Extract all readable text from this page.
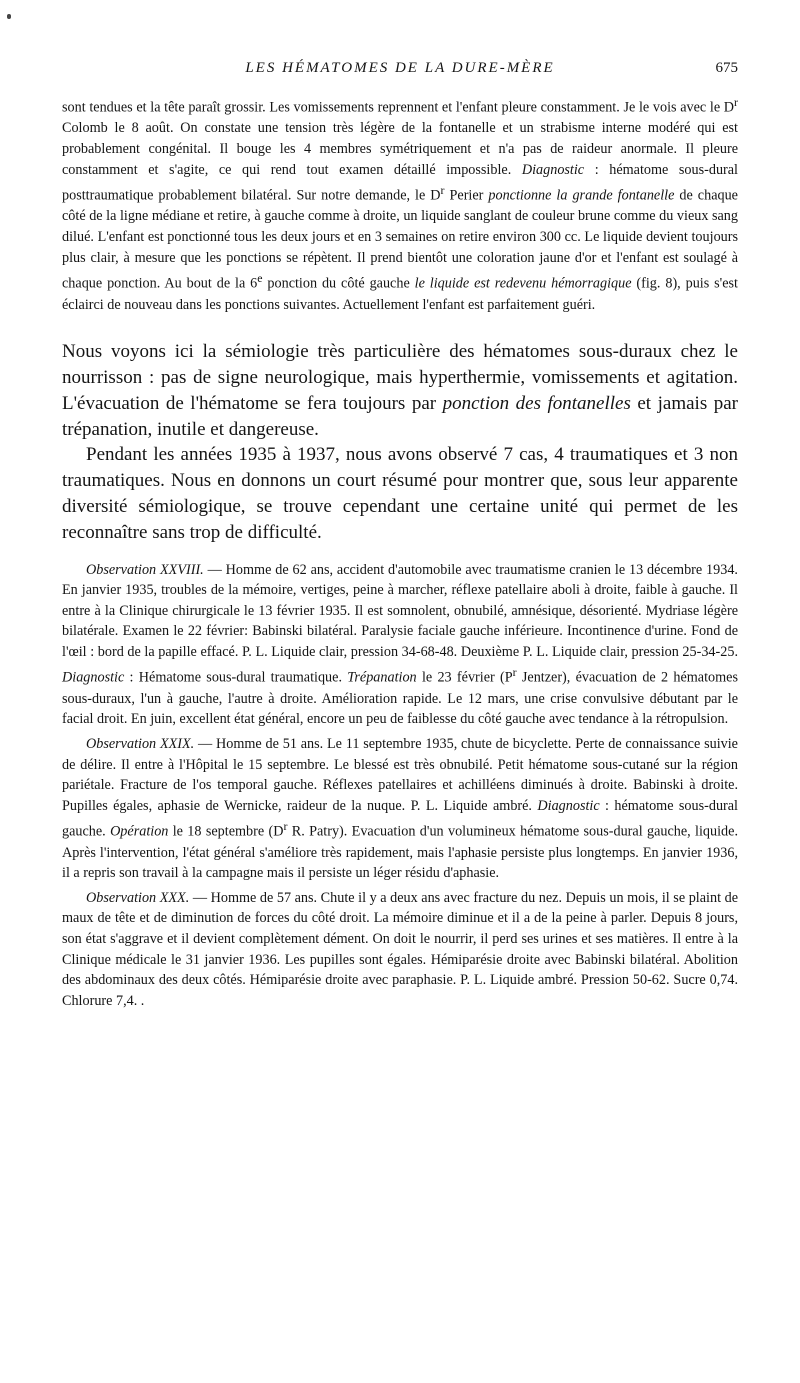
LES HÉMATOMES DE LA DURE-MÈRE	675

sont tendues et la tête paraît grossir. Les vomissements reprennent et l'enfant pleure constamment. Je le vois avec le $D^r$ Colomb le 8 août. On constate une tension très légère de la fontanelle et un strabisme interne modéré qui est probablement congénital. Il bouge les 4 membres symétriquement et n'a pas de raideur anormale. Il pleure constamment et s'agite, ce qui rend tout examen détaillé impossible. Diagnostic : hématome sous-dural posttraumatique probablement bilatéral. Sur notre demande, le $D^r$ Perier ponctionne la grande fontanelle de chaque côté de la ligne médiane et retire, à gauche comme à droite, un liquide sanglant de couleur brune comme du vieux sang dilué. L'enfant est ponctionné tous les deux jours et en 3 semaines on retire environ 300 cc. Le liquide devient toujours plus clair, à mesure que les ponctions se répètent. Il prend bientôt une coloration jaune d'or et l'enfant est soulagé à chaque ponction. Au bout de la 6e ponction du côté gauche le liquide est redevenu hémorragique (fig. 8), puis s'est éclairci de nouveau dans les ponctions suivantes. Actuellement l'enfant est parfaitement guéri.

Nous voyons ici la sémiologie très particulière des hématomes sous-duraux chez le nourrisson : pas de signe neurologique, mais hyperthermie, vomissements et agitation. L'évacuation de l'hématome se fera toujours par ponction des fontanelles et jamais par trépanation, inutile et dangereuse.

Pendant les années 1935 à 1937, nous avons observé 7 cas, 4 traumatiques et 3 non traumatiques. Nous en donnons un court résumé pour montrer que, sous leur apparente diversité sémiologique, se trouve cependant une certaine unité qui permet de les reconnaître sans trop de difficulté.

Observation XXVIII. — Homme de 62 ans, accident d'automobile avec traumatisme cranien le 13 décembre 1934. En janvier 1935, troubles de la mémoire, vertiges, peine à marcher, réflexe patellaire aboli à droite, faible à gauche. Il entre à la Clinique chirurgicale le 13 février 1935. Il est somnolent, obnubilé, amnésique, désorienté. Mydriase légère bilatérale. Examen le 22 février: Babinski bilatéral. Paralysie faciale gauche inférieure. Incontinence d'urine. Fond de l'œil : bord de la papille effacé. P. L. Liquide clair, pression 34-68-48. Deuxième P. L. Liquide clair, pression 25-34-25. Diagnostic : Hématome sous-dural traumatique. Trépanation le 23 février ($P^r$ Jentzer), évacuation de 2 hématomes sous-duraux, l'un à gauche, l'autre à droite. Amélioration rapide. Le 12 mars, une crise convulsive débutant par le facial droit. En juin, excellent état général, encore un peu de faiblesse du côté gauche avec tendance à la rétropulsion.

Observation XXIX. — Homme de 51 ans. Le 11 septembre 1935, chute de bicyclette. Perte de connaissance suivie de délire. Il entre à l'Hôpital le 15 septembre. Le blessé est très obnubilé. Petit hématome sous-cutané sur la région pariétale. Fracture de l'os temporal gauche. Réflexes patellaires et achilléens diminués à droite. Babinski à droite. Pupilles égales, aphasie de Wernicke, raideur de la nuque. P. L. Liquide ambré. Diagnostic : hématome sous-dural gauche. Opération le 18 septembre ($D^r$ R. Patry). Evacuation d'un volumineux hématome sous-dural gauche, liquide. Après l'intervention, l'état général s'améliore très rapidement, mais l'aphasie persiste plus longtemps. En janvier 1936, il a repris son travail à la campagne mais il persiste un léger résidu d'aphasie.

Observation XXX. — Homme de 57 ans. Chute il y a deux ans avec fracture du nez. Depuis un mois, il se plaint de maux de tête et de diminution de forces du côté droit. La mémoire diminue et il a de la peine à parler. Depuis 8 jours, son état s'aggrave et il devient complètement dément. On doit le nourrir, il perd ses urines et ses matières. Il entre à la Clinique médicale le 31 janvier 1936. Les pupilles sont égales. Hémiparésie droite avec Babinski bilatéral. Abolition des abdominaux des deux côtés. Hémiparésie droite avec paraphasie. P. L. Liquide ambré. Pression 50-62. Sucre 0,74. Chlorure 7,4. .
